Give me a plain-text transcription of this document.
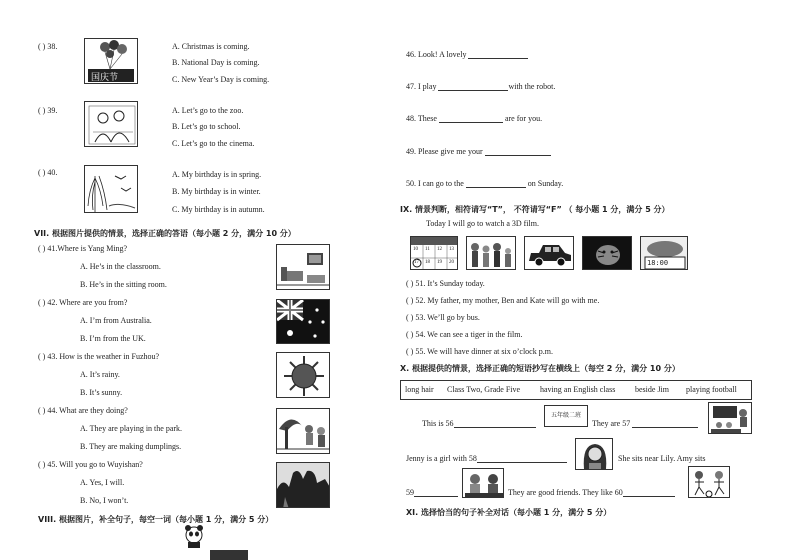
( ) 38.
国庆节
A. Christmas is coming.
B. National Day is coming.
C. New Year’s Day is coming.
( ) 39.	A. Let’s go to the zoo.
B. Let’s go to school.
C. Let’s go to the cinema.
( ) 40.	A. My birthday is in spring.
B. My birthday is in winter.
C. My birthday is in autumn.
VII. 根据图片提供的情景，选择正确的答语（每小题 2 分，满分 10 分）
( ) 41.Where is Yang Ming?
A. He’s in the classroom.
B. He’s in the sitting room.
( ) 42. Where are you from?
A. I’m from Australia.
B. I’m from the UK.
( ) 43. How is the weather in Fuzhou?
A. It’s rainy.
B. It’s sunny.
( ) 44. What are they doing?
A. They are playing in the park.
B. They are making dumplings.
( ) 45. Will you go to Wuyishan?
A. Yes, I will.
B. No, I won’t.
VIII. 根据图片，补全句子，每空一词（每小题 1 分，满分 5 分）
46. Look! A lovely
47. I play	with the robot.
48. These	are for you.
49. Please give me your
50. I can go to the	on Sunday.
IX. 情景判断，相符请写“T”， 不符请写“F” （ 每小题 1 分，满分 5 分）
Today I will go to watch a 3D film.
10 11 12 13
17 18 19 20	18:00
( ) 51. It’s Sunday today.
( ) 52. My father, my mother, Ben and Kate will go with me.
( ) 53. We’ll go by bus.
( ) 54. We can see a tiger in the film.
( ) 55. We will have dinner at six o’clock p.m.
X. 根据提供的情景，选择正确的短语抄写在横线上（每空 2 分，满分 10 分）
long hair Class Two, Grade Five having an English class beside Jim playing football
This is 56
五年级二班
They are 57
Jenny is a girl with 58	She sits near Lily. Amy sits
59	They are good friends. They like 60
XI. 选择恰当的句子补全对话（每小题 1 分，满分 5 分）
